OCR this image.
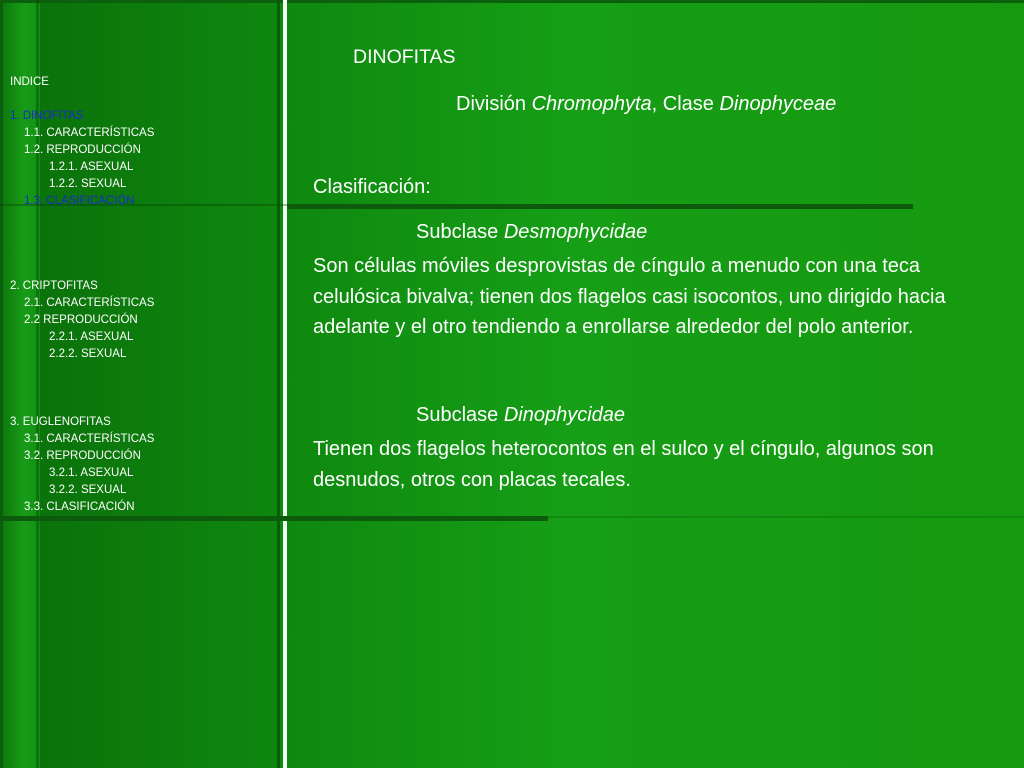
INDICE
1. DINOFITAS
1.1. CARACTERÍSTICAS
1.2. REPRODUCCIÓN
1.2.1. ASEXUAL
1.2.2. SEXUAL
1.3. CLASIFICACIÓN
2. CRIPTOFITAS
2.1. CARACTERÍSTICAS
2.2 REPRODUCCIÓN
2.2.1. ASEXUAL
2.2.2. SEXUAL
3. EUGLENOFITAS
3.1. CARACTERÍSTICAS
3.2. REPRODUCCIÓN
3.2.1. ASEXUAL
3.2.2. SEXUAL
3.3. CLASIFICACIÓN
DINOFITAS
División Chromophyta, Clase Dinophyceae
Clasificación:
Subclase Desmophycidae

Son células móviles desprovistas de cíngulo a menudo con una teca celulósica bivalva; tienen dos flagelos casi isocontos, uno dirigido hacia adelante y el otro tendiendo a enrollarse alrededor del polo anterior.

Subclase Dinophycidae

Tienen dos flagelos heterocontos en el sulco y el cíngulo, algunos son desnudos, otros con placas tecales.
